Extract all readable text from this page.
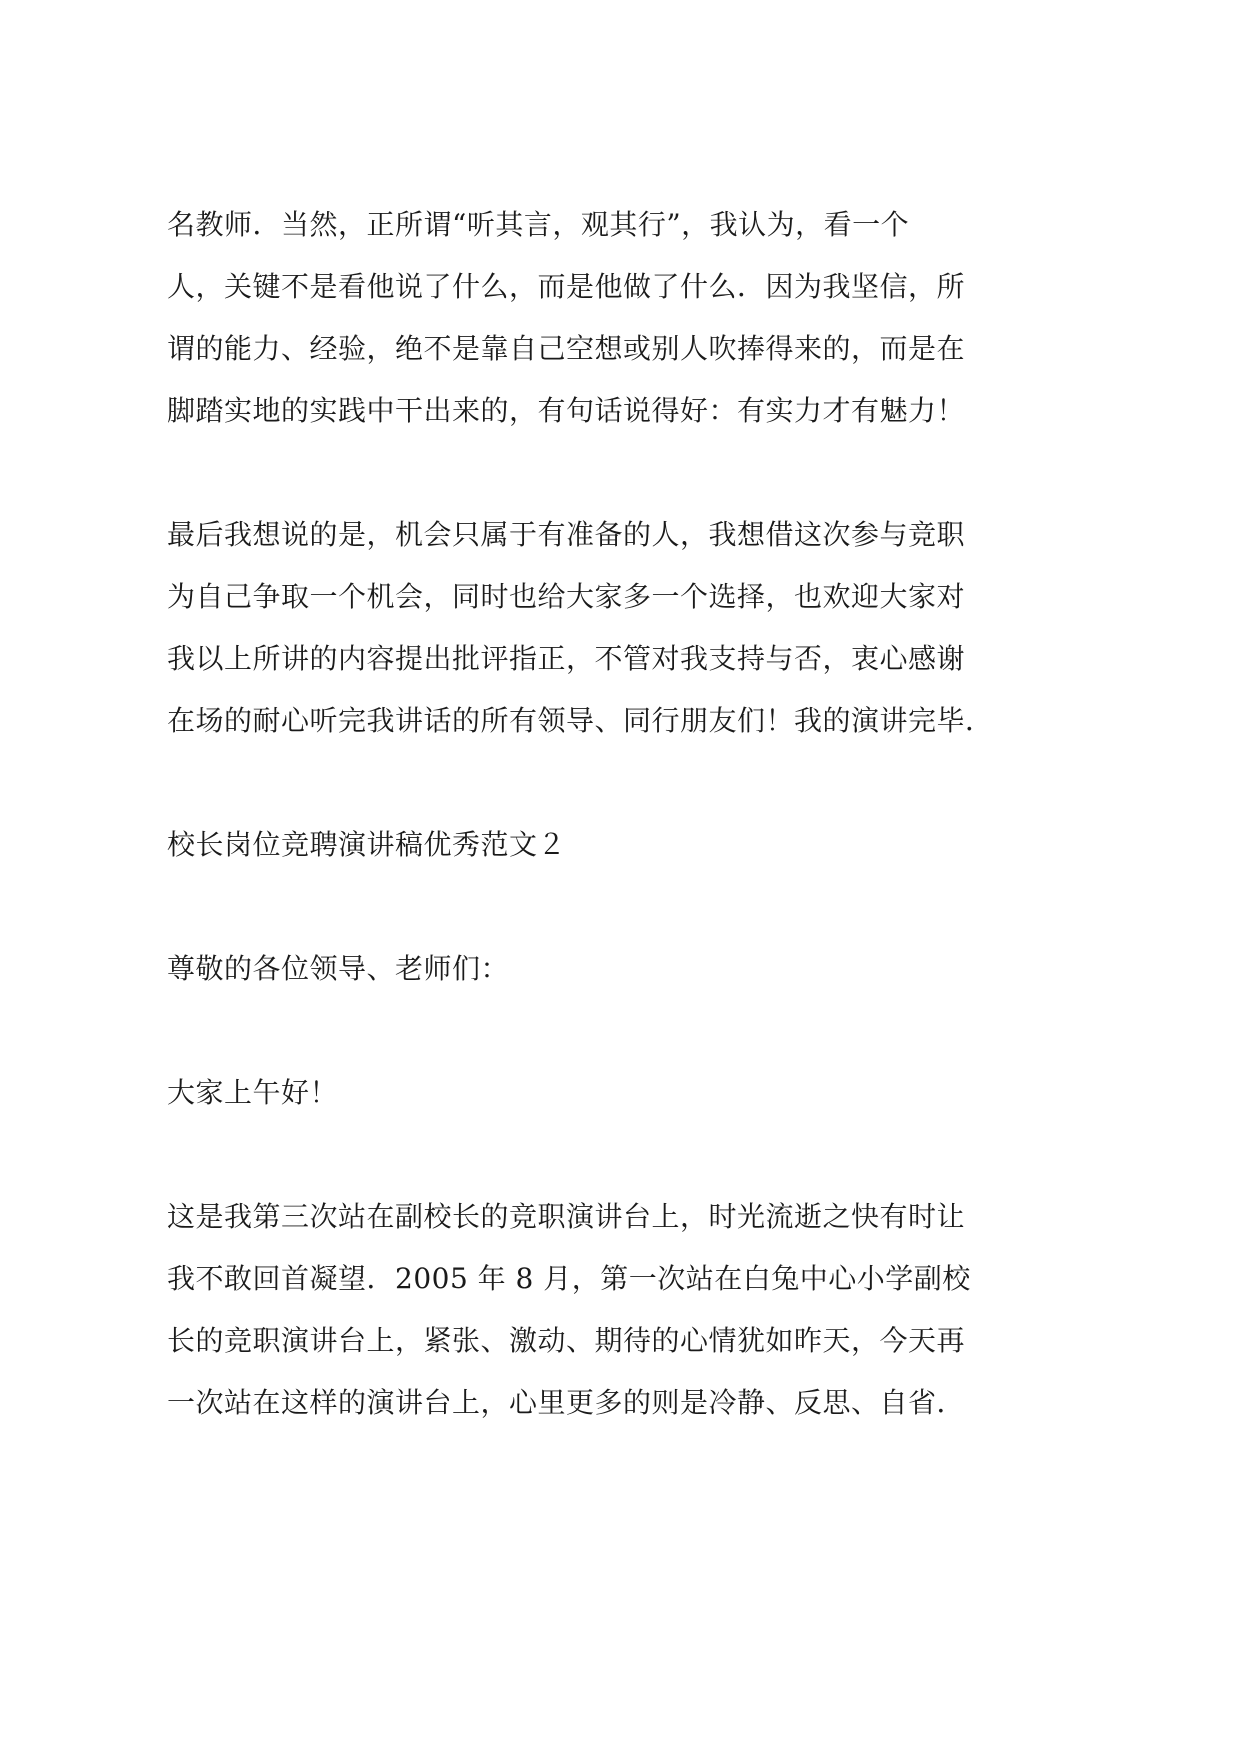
名教师．当然，正所谓“听其言，观其行”，我认为，看一个
人，关键不是看他说了什么，而是他做了什么．因为我坚信，所
谓的能力、经验，绝不是靠自己空想或别人吹捧得来的，而是在
脚踏实地的实践中干出来的，有句话说得好：有实力才有魅力！
最后我想说的是，机会只属于有准备的人，我想借这次参与竞职
为自己争取一个机会，同时也给大家多一个选择，也欢迎大家对
我以上所讲的内容提出批评指正，不管对我支持与否，衷心感谢
在场的耐心听完我讲话的所有领导、同行朋友们！我的演讲完毕．
校长岗位竞聘演讲稿优秀范文２
尊敬的各位领导、老师们：
大家上午好！
这是我第三次站在副校长的竞职演讲台上，时光流逝之快有时让
我不敢回首凝望．2005 年 8 月，第一次站在白兔中心小学副校
长的竞职演讲台上，紧张、激动、期待的心情犹如昨天，今天再
一次站在这样的演讲台上，心里更多的则是冷静、反思、自省．
